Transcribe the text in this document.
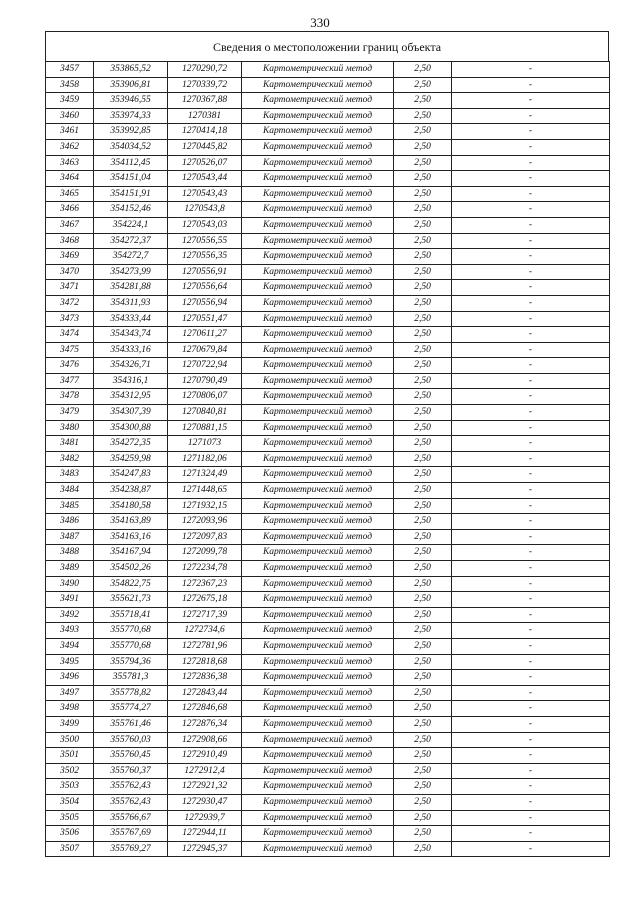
330
Сведения о местоположении границ объекта
3457	353865,52	1270290,72	Картометрический метод	2,50	-
3458	353906,81	1270339,72	Картометрический метод	2,50	-
3459	353946,55	1270367,88	Картометрический метод	2,50	-
3460	353974,33	1270381	Картометрический метод	2,50	-
3461	353992,85	1270414,18	Картометрический метод	2,50	-
3462	354034,52	1270445,82	Картометрический метод	2,50	-
3463	354112,45	1270526,07	Картометрический метод	2,50	-
3464	354151,04	1270543,44	Картометрический метод	2,50	-
3465	354151,91	1270543,43	Картометрический метод	2,50	-
3466	354152,46	1270543,8	Картометрический метод	2,50	-
3467	354224,1	1270543,03	Картометрический метод	2,50	-
3468	354272,37	1270556,55	Картометрический метод	2,50	-
3469	354272,7	1270556,35	Картометрический метод	2,50	-
3470	354273,99	1270556,91	Картометрический метод	2,50	-
3471	354281,88	1270556,64	Картометрический метод	2,50	-
3472	354311,93	1270556,94	Картометрический метод	2,50	-
3473	354333,44	1270551,47	Картометрический метод	2,50	-
3474	354343,74	1270611,27	Картометрический метод	2,50	-
3475	354333,16	1270679,84	Картометрический метод	2,50	-
3476	354326,71	1270722,94	Картометрический метод	2,50	-
3477	354316,1	1270790,49	Картометрический метод	2,50	-
3478	354312,95	1270806,07	Картометрический метод	2,50	-
3479	354307,39	1270840,81	Картометрический метод	2,50	-
3480	354300,88	1270881,15	Картометрический метод	2,50	-
3481	354272,35	1271073	Картометрический метод	2,50	-
3482	354259,98	1271182,06	Картометрический метод	2,50	-
3483	354247,83	1271324,49	Картометрический метод	2,50	-
3484	354238,87	1271448,65	Картометрический метод	2,50	-
3485	354180,58	1271932,15	Картометрический метод	2,50	-
3486	354163,89	1272093,96	Картометрический метод	2,50	-
3487	354163,16	1272097,83	Картометрический метод	2,50	-
3488	354167,94	1272099,78	Картометрический метод	2,50	-
3489	354502,26	1272234,78	Картометрический метод	2,50	-
3490	354822,75	1272367,23	Картометрический метод	2,50	-
3491	355621,73	1272675,18	Картометрический метод	2,50	-
3492	355718,41	1272717,39	Картометрический метод	2,50	-
3493	355770,68	1272734,6	Картометрический метод	2,50	-
3494	355770,68	1272781,96	Картометрический метод	2,50	-
3495	355794,36	1272818,68	Картометрический метод	2,50	-
3496	355781,3	1272836,38	Картометрический метод	2,50	-
3497	355778,82	1272843,44	Картометрический метод	2,50	-
3498	355774,27	1272846,68	Картометрический метод	2,50	-
3499	355761,46	1272876,34	Картометрический метод	2,50	-
3500	355760,03	1272908,66	Картометрический метод	2,50	-
3501	355760,45	1272910,49	Картометрический метод	2,50	-
3502	355760,37	1272912,4	Картометрический метод	2,50	-
3503	355762,43	1272921,32	Картометрический метод	2,50	-
3504	355762,43	1272930,47	Картометрический метод	2,50	-
3505	355766,67	1272939,7	Картометрический метод	2,50	-
3506	355767,69	1272944,11	Картометрический метод	2,50	-
3507	355769,27	1272945,37	Картометрический метод	2,50	-
